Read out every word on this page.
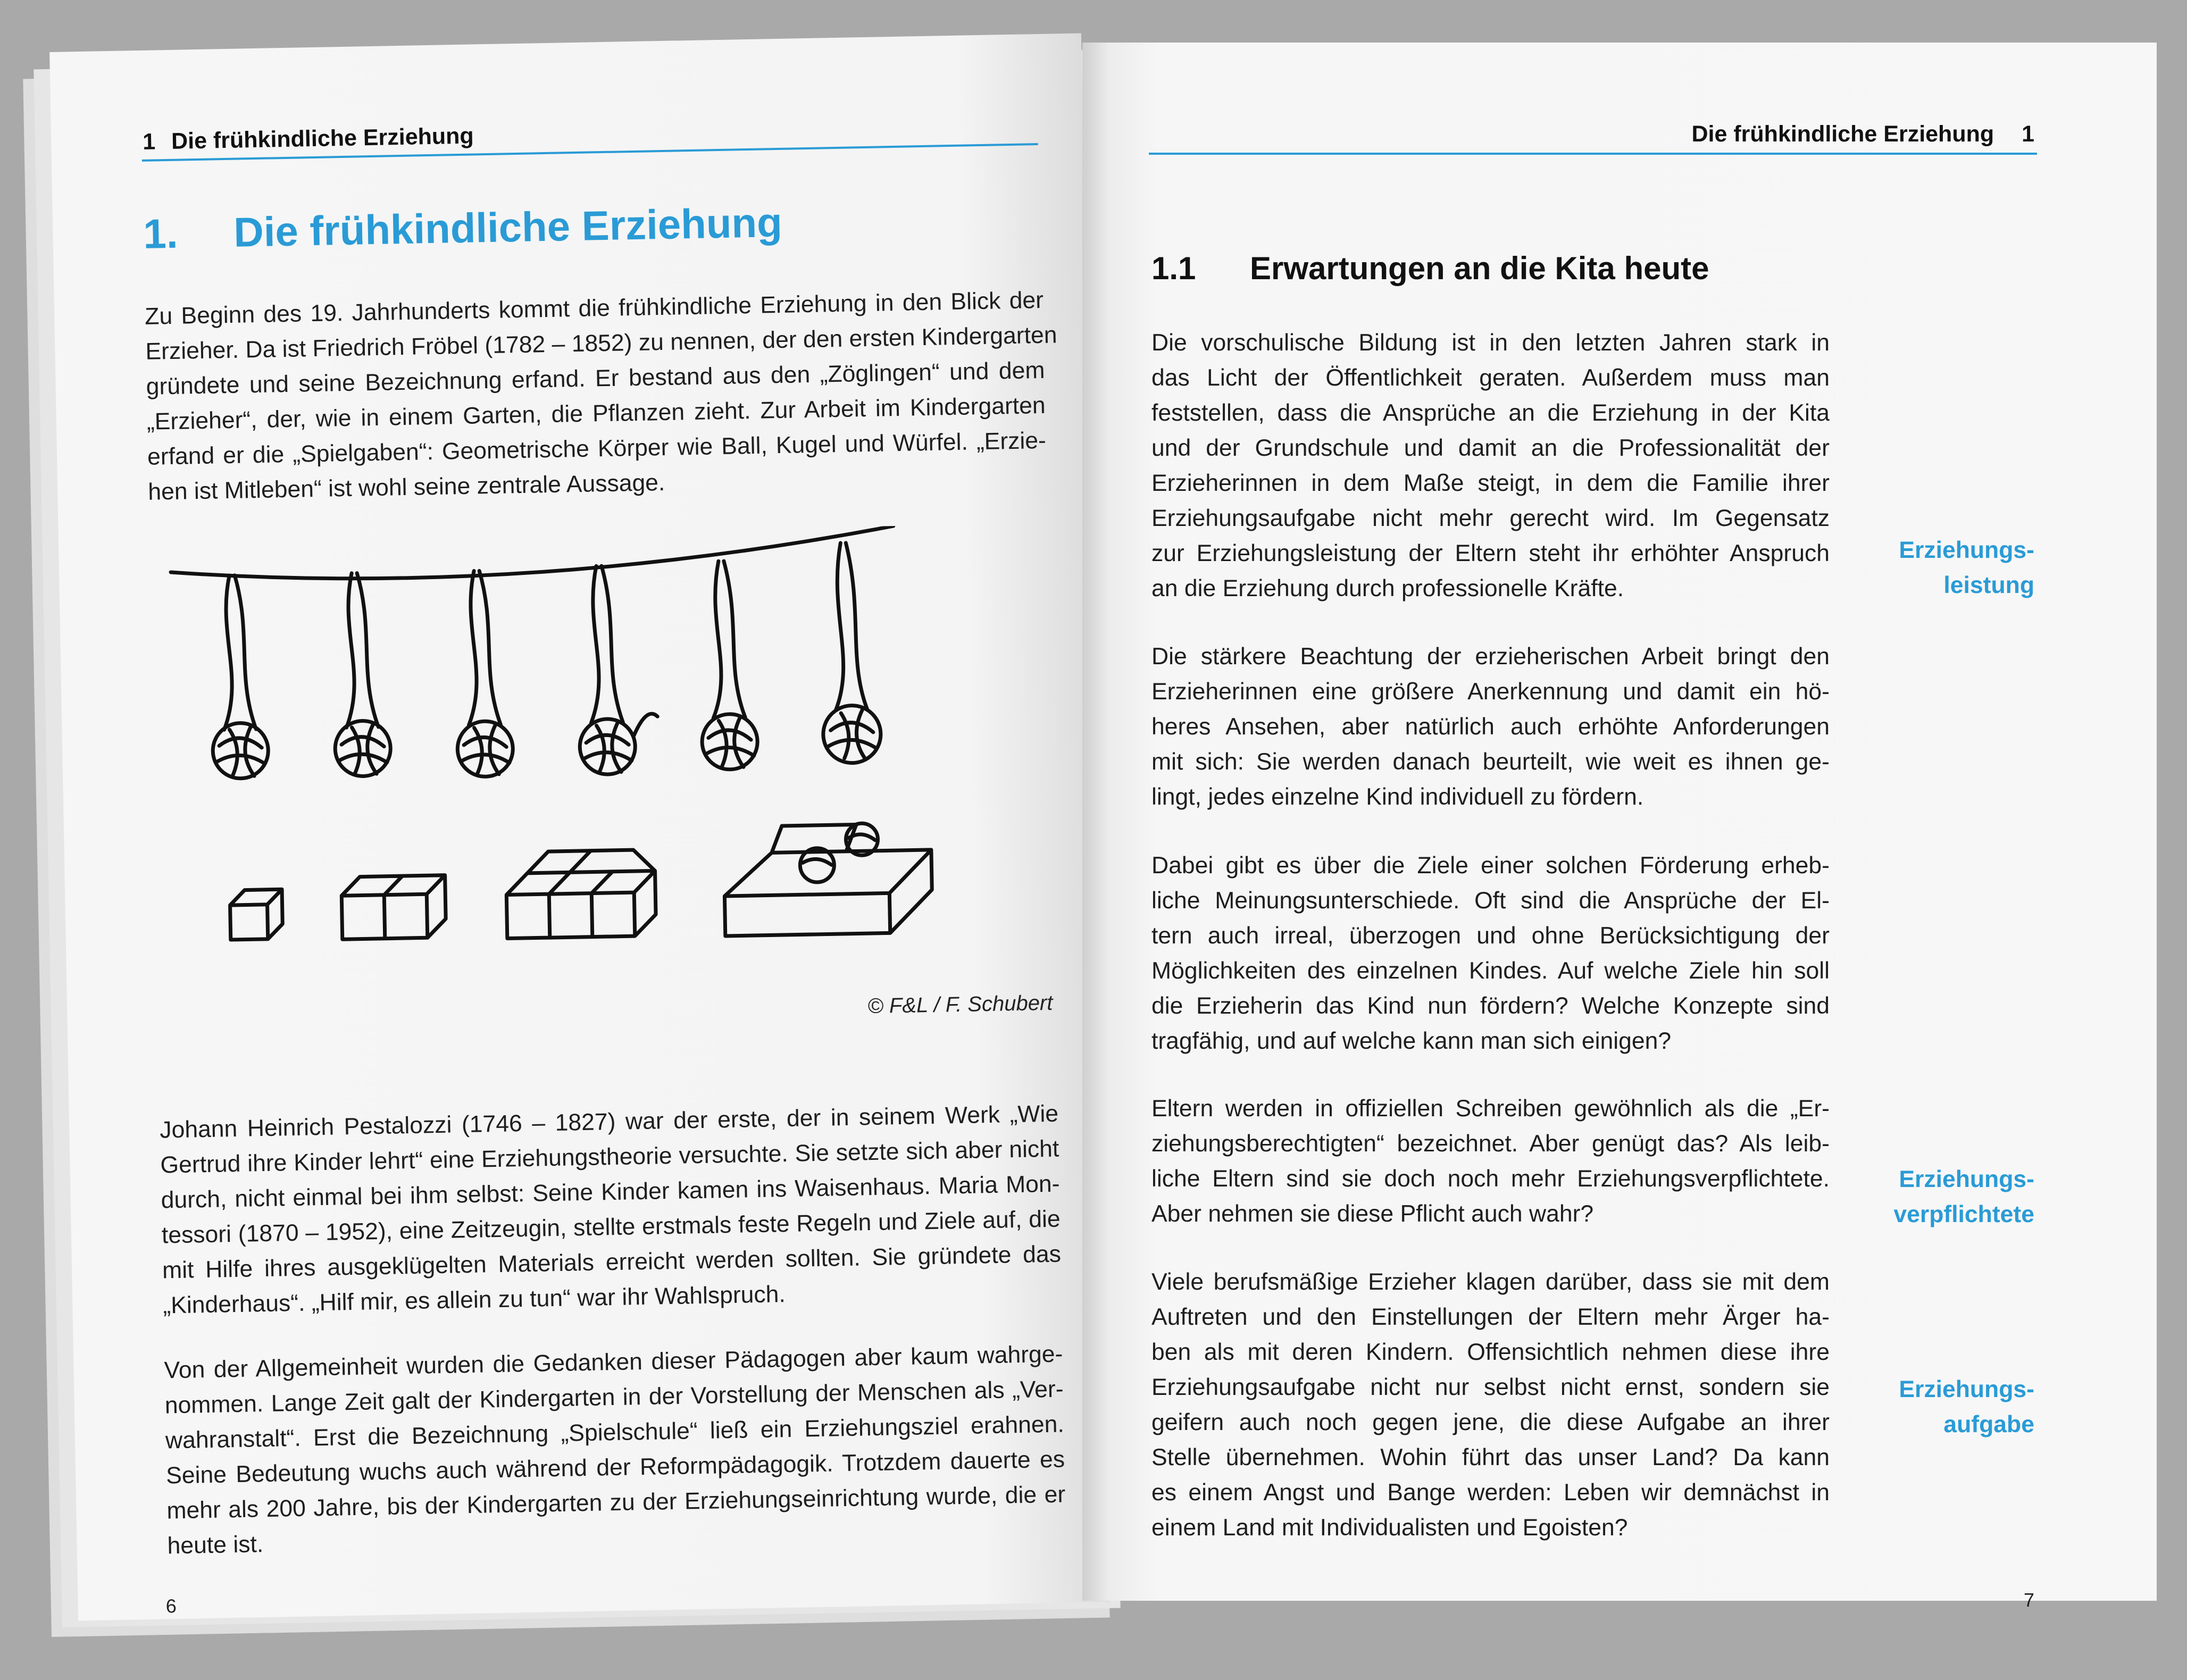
1 Die frühkindliche Erziehung
1. Die frühkindliche Erziehung
Zu Beginn des 19. Jahrhunderts kommt die frühkindliche Erziehung in den Blick der
Erzieher. Da ist Friedrich Fröbel (1782 – 1852) zu nennen, der den ersten Kindergarten
gründete und seine Bezeichnung erfand. Er bestand aus den „Zöglingen“ und dem
„Erzieher“, der, wie in einem Garten, die Pflanzen zieht. Zur Arbeit im Kindergarten
erfand er die „Spielgaben“: Geometrische Körper wie Ball, Kugel und Würfel. „Erzie-
hen ist Mitleben“ ist wohl seine zentrale Aussage.
© F&L / F. Schubert
Johann Heinrich Pestalozzi (1746 – 1827) war der erste, der in seinem Werk „Wie
Gertrud ihre Kinder lehrt“ eine Erziehungstheorie versuchte. Sie setzte sich aber nicht
durch, nicht einmal bei ihm selbst: Seine Kinder kamen ins Waisenhaus. Maria Mon-
tessori (1870 – 1952), eine Zeitzeugin, stellte erstmals feste Regeln und Ziele auf, die
mit Hilfe ihres ausgeklügelten Materials erreicht werden sollten. Sie gründete das
„Kinderhaus“. „Hilf mir, es allein zu tun“ war ihr Wahlspruch.
Von der Allgemeinheit wurden die Gedanken dieser Pädagogen aber kaum wahrge-
nommen. Lange Zeit galt der Kindergarten in der Vorstellung der Menschen als „Ver-
wahranstalt“. Erst die Bezeichnung „Spielschule“ ließ ein Erziehungsziel erahnen.
Seine Bedeutung wuchs auch während der Reformpädagogik. Trotzdem dauerte es
mehr als 200 Jahre, bis der Kindergarten zu der Erziehungseinrichtung wurde, die er
heute ist.
6
Die frühkindliche Erziehung 1
1.1 Erwartungen an die Kita heute
Die vorschulische Bildung ist in den letzten Jahren stark in
das Licht der Öffentlichkeit geraten. Außerdem muss man
feststellen, dass die Ansprüche an die Erziehung in der Kita
und der Grundschule und damit an die Professionalität der
Erzieherinnen in dem Maße steigt, in dem die Familie ihrer
Erziehungsaufgabe nicht mehr gerecht wird. Im Gegensatz
zur Erziehungsleistung der Eltern steht ihr erhöhter Anspruch
an die Erziehung durch professionelle Kräfte.
Erziehungs-
leistung
Die stärkere Beachtung der erzieherischen Arbeit bringt den
Erzieherinnen eine größere Anerkennung und damit ein hö-
heres Ansehen, aber natürlich auch erhöhte Anforderungen
mit sich: Sie werden danach beurteilt, wie weit es ihnen ge-
lingt, jedes einzelne Kind individuell zu fördern.
Dabei gibt es über die Ziele einer solchen Förderung erheb-
liche Meinungsunterschiede. Oft sind die Ansprüche der El-
tern auch irreal, überzogen und ohne Berücksichtigung der
Möglichkeiten des einzelnen Kindes. Auf welche Ziele hin soll
die Erzieherin das Kind nun fördern? Welche Konzepte sind
tragfähig, und auf welche kann man sich einigen?
Eltern werden in offiziellen Schreiben gewöhnlich als die „Er-
ziehungsberechtigten“ bezeichnet. Aber genügt das? Als leib-
liche Eltern sind sie doch noch mehr Erziehungsverpflichtete.
Aber nehmen sie diese Pflicht auch wahr?
Erziehungs-
verpflichtete
Viele berufsmäßige Erzieher klagen darüber, dass sie mit dem
Auftreten und den Einstellungen der Eltern mehr Ärger ha-
ben als mit deren Kindern. Offensichtlich nehmen diese ihre
Erziehungsaufgabe nicht nur selbst nicht ernst, sondern sie
geifern auch noch gegen jene, die diese Aufgabe an ihrer
Stelle übernehmen. Wohin führt das unser Land? Da kann
es einem Angst und Bange werden: Leben wir demnächst in
einem Land mit Individualisten und Egoisten?
Erziehungs-
aufgabe
7
